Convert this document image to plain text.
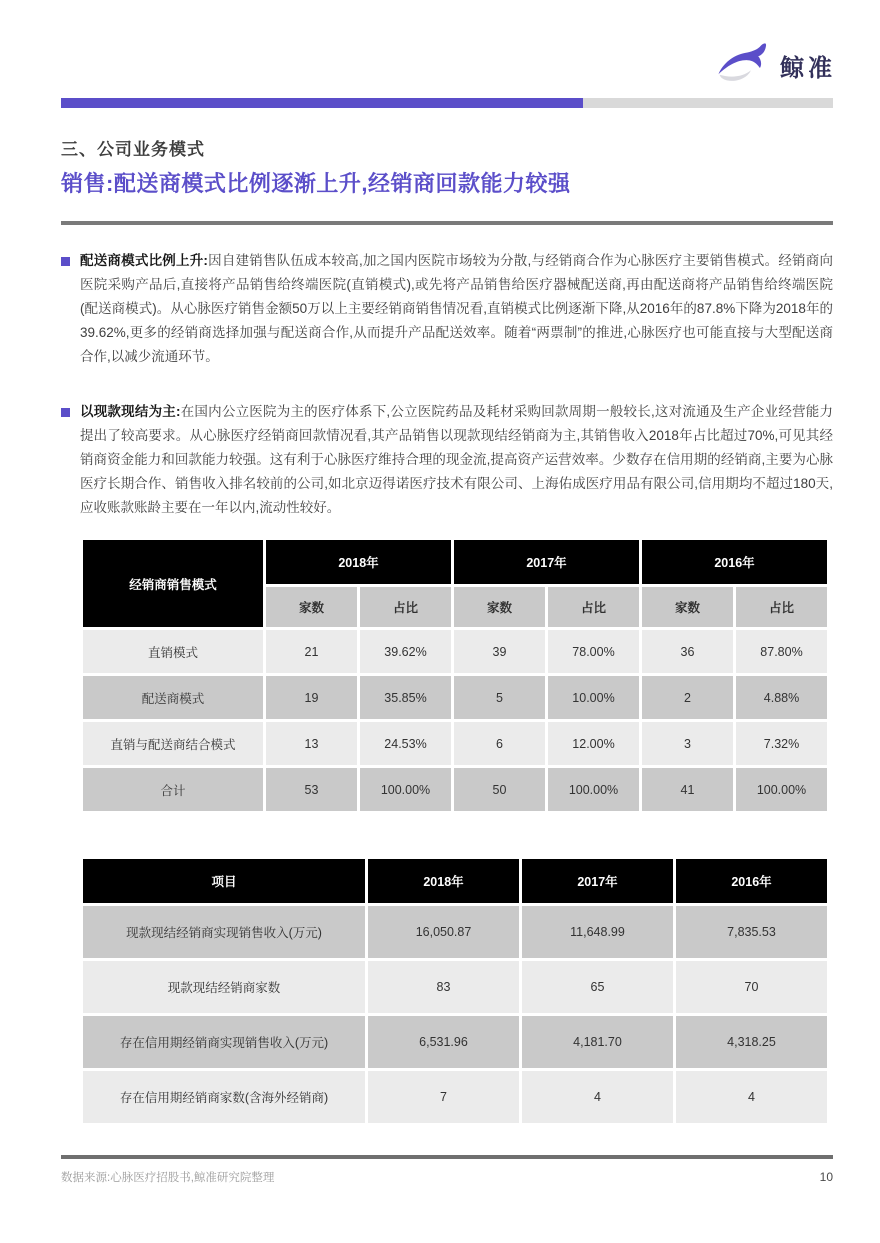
鲸准
三、公司业务模式
销售:配送商模式比例逐渐上升,经销商回款能力较强
配送商模式比例上升:因自建销售队伍成本较高,加之国内医院市场较为分散,与经销商合作为心脉医疗主要销售模式。经销商向医院采购产品后,直接将产品销售给终端医院(直销模式),或先将产品销售给医疗器械配送商,再由配送商将产品销售给终端医院(配送商模式)。从心脉医疗销售金额50万以上主要经销商销售情况看,直销模式比例逐渐下降,从2016年的87.8%下降为2018年的39.62%,更多的经销商选择加强与配送商合作,从而提升产品配送效率。随着“两票制”的推进,心脉医疗也可能直接与大型配送商合作,以减少流通环节。
以现款现结为主:在国内公立医院为主的医疗体系下,公立医院药品及耗材采购回款周期一般较长,这对流通及生产企业经营能力提出了较高要求。从心脉医疗经销商回款情况看,其产品销售以现款现结经销商为主,其销售收入2018年占比超过70%,可见其经销商资金能力和回款能力较强。这有利于心脉医疗维持合理的现金流,提高资产运营效率。少数存在信用期的经销商,主要为心脉医疗长期合作、销售收入排名较前的公司,如北京迈得诺医疗技术有限公司、上海佑成医疗用品有限公司,信用期均不超过180天,应收账款账龄主要在一年以内,流动性较好。
经销商销售模式	2018年		2017年		2016年	
	家数	占比	家数	占比	家数	占比
直销模式	21	39.62%	39	78.00%	36	87.80%
配送商模式	19	35.85%	5	10.00%	2	4.88%
直销与配送商结合模式	13	24.53%	6	12.00%	3	7.32%
合计	53	100.00%	50	100.00%	41	100.00%
项目	2018年	2017年	2016年
现款现结经销商实现销售收入(万元)	16,050.87	11,648.99	7,835.53
现款现结经销商家数	83	65	70
存在信用期经销商实现销售收入(万元)	6,531.96	4,181.70	4,318.25
存在信用期经销商家数(含海外经销商)	7	4	4
数据来源:心脉医疗招股书,鲸准研究院整理	10
